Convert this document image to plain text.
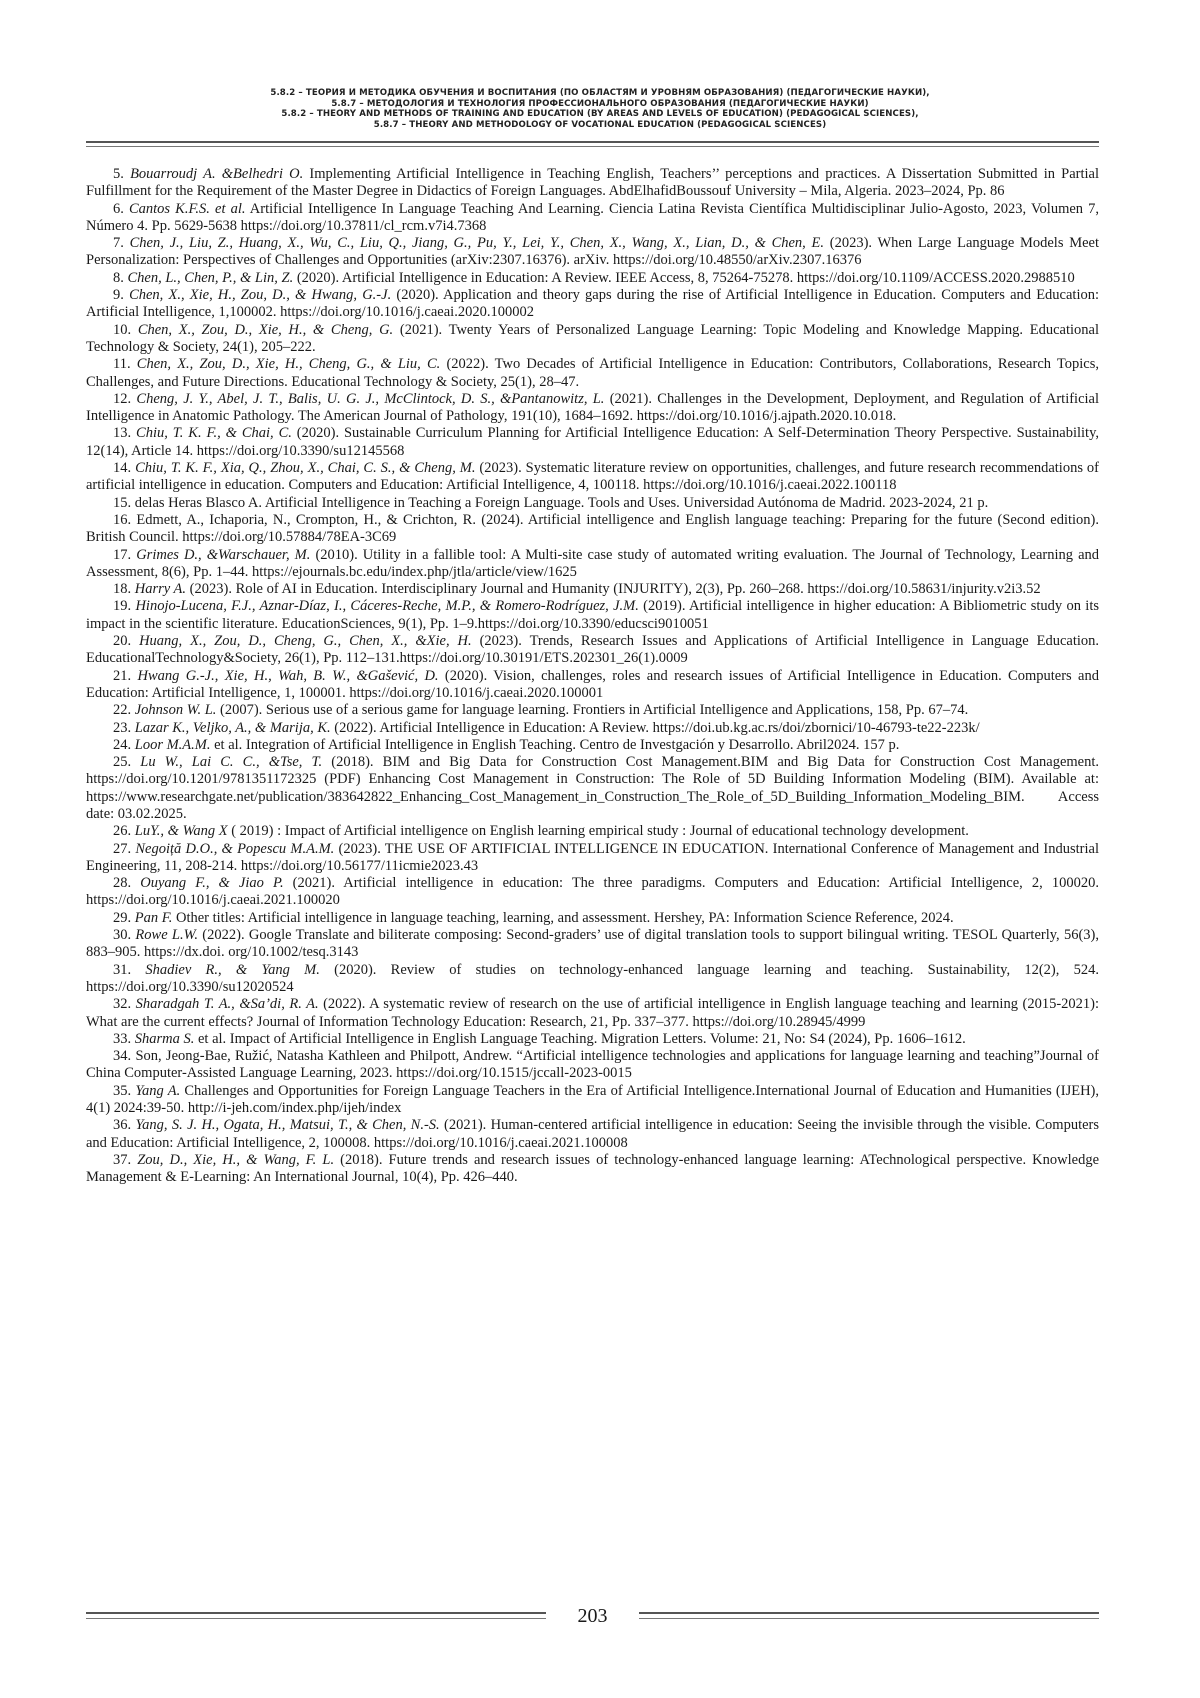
5.8.2 – ТЕОРИЯ И МЕТОДИКА ОБУЧЕНИЯ И ВОСПИТАНИЯ (ПО ОБЛАСТЯМ И УРОВНЯМ ОБРАЗОВАНИЯ) (ПЕДАГОГИЧЕСКИЕ НАУКИ),
5.8.7 – МЕТОДОЛОГИЯ И ТЕХНОЛОГИЯ ПРОФЕССИОНАЛЬНОГО ОБРАЗОВАНИЯ (ПЕДАГОГИЧЕСКИЕ НАУКИ)
5.8.2 – THEORY AND METHODS OF TRAINING AND EDUCATION (BY AREAS AND LEVELS OF EDUCATION) (PEDAGOGICAL SCIENCES),
5.8.7 – THEORY AND METHODOLOGY OF VOCATIONAL EDUCATION (PEDAGOGICAL SCIENCES)
5. Bouarroudj A. &Belhedri O. Implementing Artificial Intelligence in Teaching English, Teachers’’ perceptions and practices. A Dissertation Submitted in Partial Fulfillment for the Requirement of the Master Degree in Didactics of Foreign Languages. AbdElhafidBoussouf University – Mila, Algeria. 2023–2024, Pp. 86
6. Cantos K.F.S. et al. Artificial Intelligence In Language Teaching And Learning. Ciencia Latina Revista Científica Multidisciplinar Julio-Agosto, 2023, Volumen 7, Número 4. Pp. 5629-5638 https://doi.org/10.37811/cl_rcm.v7i4.7368
7. Chen, J., Liu, Z., Huang, X., Wu, C., Liu, Q., Jiang, G., Pu, Y., Lei, Y., Chen, X., Wang, X., Lian, D., & Chen, E. (2023). When Large Language Models Meet Personalization: Perspectives of Challenges and Opportunities (arXiv:2307.16376). arXiv. https://doi.org/10.48550/arXiv.2307.16376
8. Chen, L., Chen, P., & Lin, Z. (2020). Artificial Intelligence in Education: A Review. IEEE Access, 8, 75264-75278. https://doi.org/10.1109/ACCESS.2020.2988510
9. Chen, X., Xie, H., Zou, D., & Hwang, G.-J. (2020). Application and theory gaps during the rise of Artificial Intelligence in Education. Computers and Education: Artificial Intelligence, 1,100002. https://doi.org/10.1016/j.caeai.2020.100002
10. Chen, X., Zou, D., Xie, H., & Cheng, G. (2021). Twenty Years of Personalized Language Learning: Topic Modeling and Knowledge Mapping. Educational Technology & Society, 24(1), 205–222.
11. Chen, X., Zou, D., Xie, H., Cheng, G., & Liu, C. (2022). Two Decades of Artificial Intelligence in Education: Contributors, Collaborations, Research Topics, Challenges, and Future Directions. Educational Technology & Society, 25(1), 28–47.
12. Cheng, J. Y., Abel, J. T., Balis, U. G. J., McClintock, D. S., &Pantanowitz, L. (2021). Challenges in the Development, Deployment, and Regulation of Artificial Intelligence in Anatomic Pathology. The American Journal of Pathology, 191(10), 1684–1692. https://doi.org/10.1016/j.ajpath.2020.10.018.
13. Chiu, T. K. F., & Chai, C. (2020). Sustainable Curriculum Planning for Artificial Intelligence Education: A Self-Determination Theory Perspective. Sustainability, 12(14), Article 14. https://doi.org/10.3390/su12145568
14. Chiu, T. K. F., Xia, Q., Zhou, X., Chai, C. S., & Cheng, M. (2023). Systematic literature review on opportunities, challenges, and future research recommendations of artificial intelligence in education. Computers and Education: Artificial Intelligence, 4, 100118. https://doi.org/10.1016/j.caeai.2022.100118
15. delas Heras Blasco A. Artificial Intelligence in Teaching a Foreign Language. Tools and Uses. Universidad Autónoma de Madrid. 2023-2024, 21 p.
16. Edmett, A., Ichaporia, N., Crompton, H., & Crichton, R. (2024). Artificial intelligence and English language teaching: Preparing for the future (Second edition). British Council. https://doi.org/10.57884/78EA-3C69
17. Grimes D., &Warschauer, M. (2010). Utility in a fallible tool: A Multi-site case study of automated writing evaluation. The Journal of Technology, Learning and Assessment, 8(6), Pp. 1–44. https://ejournals.bc.edu/index.php/jtla/article/view/1625
18. Harry A. (2023). Role of AI in Education. Interdisciplinary Journal and Humanity (INJURITY), 2(3), Pp. 260–268. https://doi.org/10.58631/injurity.v2i3.52
19. Hinojo-Lucena, F.J., Aznar-Díaz, I., Cáceres-Reche, M.P., & Romero-Rodríguez, J.M. (2019). Artificial intelligence in higher education: A Bibliometric study on its impact in the scientific literature. EducationSciences, 9(1), Pp. 1–9.https://doi.org/10.3390/educsci9010051
20. Huang, X., Zou, D., Cheng, G., Chen, X., &Xie, H. (2023). Trends, Research Issues and Applications of Artificial Intelligence in Language Education. EducationalTechnology&Society, 26(1), Pp. 112–131.https://doi.org/10.30191/ETS.202301_26(1).0009
21. Hwang G.-J., Xie, H., Wah, B. W., &Gašević, D. (2020). Vision, challenges, roles and research issues of Artificial Intelligence in Education. Computers and Education: Artificial Intelligence, 1, 100001. https://doi.org/10.1016/j.caeai.2020.100001
22. Johnson W. L. (2007). Serious use of a serious game for language learning. Frontiers in Artificial Intelligence and Applications, 158, Pp. 67–74.
23. Lazar K., Veljko, A., & Marija, K. (2022). Artificial Intelligence in Education: A Review. https://doi.ub.kg.ac.rs/doi/zbornici/10-46793-te22-223k/
24. Loor M.A.M. et al. Integration of Artificial Intelligence in English Teaching. Centro de Investgación y Desarrollo. Abril2024. 157 p.
25. Lu W., Lai C. C., &Tse, T. (2018). BIM and Big Data for Construction Cost Management.BIM and Big Data for Construction Cost Management. https://doi.org/10.1201/9781351172325 (PDF) Enhancing Cost Management in Construction: The Role of 5D Building Information Modeling (BIM). Available at: https://www.researchgate.net/publication/383642822_Enhancing_Cost_Management_in_Construction_The_Role_of_5D_Building_Information_Modeling_BIM. Access date: 03.02.2025.
26. LuY., & Wang X ( 2019) : Impact of Artificial intelligence on English learning empirical study : Journal of educational technology development.
27. Negoiță D.O., & Popescu M.A.M. (2023). THE USE OF ARTIFICIAL INTELLIGENCE IN EDUCATION. International Conference of Management and Industrial Engineering, 11, 208-214. https://doi.org/10.56177/11icmie2023.43
28. Ouyang F., & Jiao P. (2021). Artificial intelligence in education: The three paradigms. Computers and Education: Artificial Intelligence, 2, 100020. https://doi.org/10.1016/j.caeai.2021.100020
29. Pan F. Other titles: Artificial intelligence in language teaching, learning, and assessment. Hershey, PA: Information Science Reference, 2024.
30. Rowe L.W. (2022). Google Translate and biliterate composing: Second-graders’ use of digital translation tools to support bilingual writing. TESOL Quarterly, 56(3), 883–905. https://dx.doi. org/10.1002/tesq.3143
31. Shadiev R., & Yang M. (2020). Review of studies on technology-enhanced language learning and teaching. Sustainability, 12(2), 524. https://doi.org/10.3390/su12020524
32. Sharadgah T. A., &Sa’di, R. A. (2022). A systematic review of research on the use of artificial intelligence in English language teaching and learning (2015-2021): What are the current effects? Journal of Information Technology Education: Research, 21, Pp. 337–377. https://doi.org/10.28945/4999
33. Sharma S. et al. Impact of Artificial Intelligence in English Language Teaching. Migration Letters. Volume: 21, No: S4 (2024), Pp. 1606–1612.
34. Son, Jeong-Bae, Ružić, Natasha Kathleen and Philpott, Andrew. “Artificial intelligence technologies and applications for language learning and teaching”Journal of China Computer-Assisted Language Learning, 2023. https://doi.org/10.1515/jccall-2023-0015
35. Yang A. Challenges and Opportunities for Foreign Language Teachers in the Era of Artificial Intelligence.International Journal of Education and Humanities (IJEH), 4(1) 2024:39-50. http://i-jeh.com/index.php/ijeh/index
36. Yang, S. J. H., Ogata, H., Matsui, T., & Chen, N.-S. (2021). Human-centered artificial intelligence in education: Seeing the invisible through the visible. Computers and Education: Artificial Intelligence, 2, 100008. https://doi.org/10.1016/j.caeai.2021.100008
37. Zou, D., Xie, H., & Wang, F. L. (2018). Future trends and research issues of technology-enhanced language learning: ATechnological perspective. Knowledge Management & E-Learning: An International Journal, 10(4), Pp. 426–440.
203
